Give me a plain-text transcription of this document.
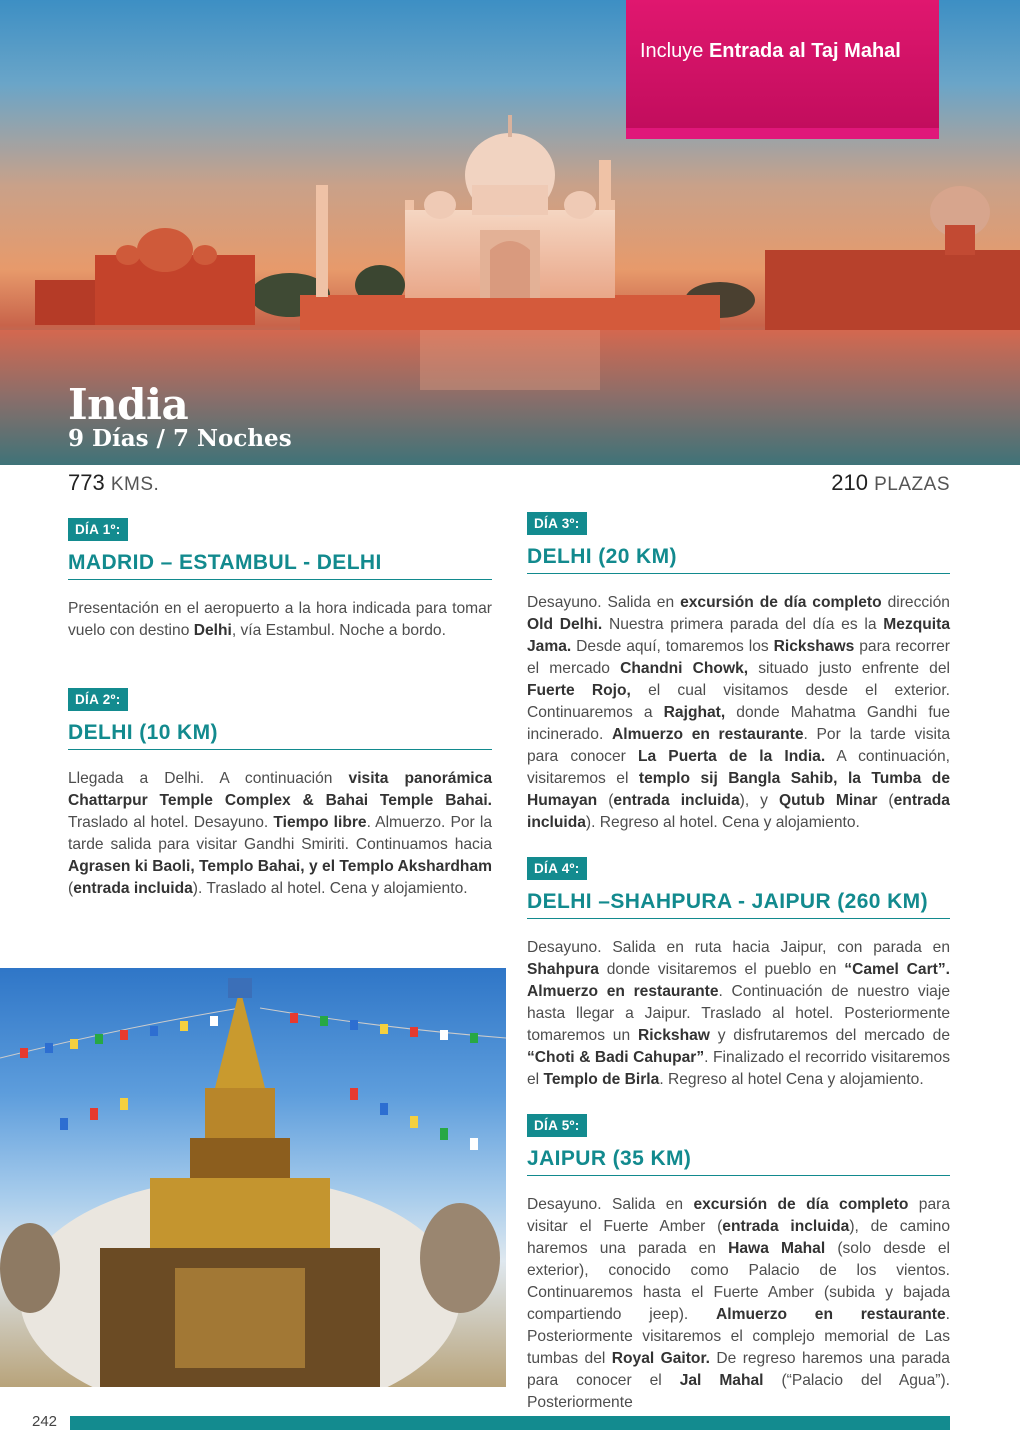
Incluye Entrada al Taj Mahal
India
9 Días / 7 Noches
773 KMS.	210 PLAZAS
DÍA 1º:
MADRID – ESTAMBUL - DELHI
Presentación en el aeropuerto a la hora indicada para tomar vuelo con destino Delhi, vía Estambul. Noche a bordo.
DÍA 2º:
DELHI (10 KM)
Llegada a Delhi. A continuación visita panorámica Chattarpur Temple Complex & Bahai Temple Bahai. Traslado al hotel. Desayuno. Tiempo libre. Almuerzo. Por la tarde salida para visitar Gandhi Smiriti. Continuamos hacia Agrasen ki Baoli, Templo Bahai, y el Templo Akshardham (entrada incluida). Traslado al hotel. Cena y alojamiento.
DÍA 3º:
DELHI (20 KM)
Desayuno. Salida en excursión de día completo dirección Old Delhi. Nuestra primera parada del día es la Mezquita Jama. Desde aquí, tomaremos los Rickshaws para recorrer el mercado Chandni Chowk, situado justo enfrente del Fuerte Rojo, el cual visitamos desde el exterior. Continuaremos a Rajghat, donde Mahatma Gandhi fue incinerado. Almuerzo en restaurante. Por la tarde visita para conocer La Puerta de la India. A continuación, visitaremos el templo sij Bangla Sahib, la Tumba de Humayan (entrada incluida), y Qutub Minar (entrada incluida). Regreso al hotel. Cena y alojamiento.
DÍA 4º:
DELHI –SHAHPURA - JAIPUR (260 KM)
Desayuno. Salida en ruta hacia Jaipur, con parada en Shahpura donde visitaremos el pueblo en “Camel Cart”. Almuerzo en restaurante. Continuación de nuestro viaje hasta llegar a Jaipur. Traslado al hotel. Posteriormente tomaremos un Rickshaw y disfrutaremos del mercado de “Choti & Badi Cahupar”. Finalizado el recorrido visitaremos el Templo de Birla. Regreso al hotel Cena y alojamiento.
DÍA 5º:
JAIPUR (35 KM)
Desayuno. Salida en excursión de día completo para visitar el Fuerte Amber (entrada incluida), de camino haremos una parada en Hawa Mahal (solo desde el exterior), conocido como Palacio de los vientos. Continuaremos hasta el Fuerte Amber (subida y bajada compartiendo jeep). Almuerzo en restaurante. Posteriormente visitaremos el complejo memorial de Las tumbas del Royal Gaitor. De regreso haremos una parada para conocer el Jal Mahal (“Palacio del Agua”). Posteriormente
242
